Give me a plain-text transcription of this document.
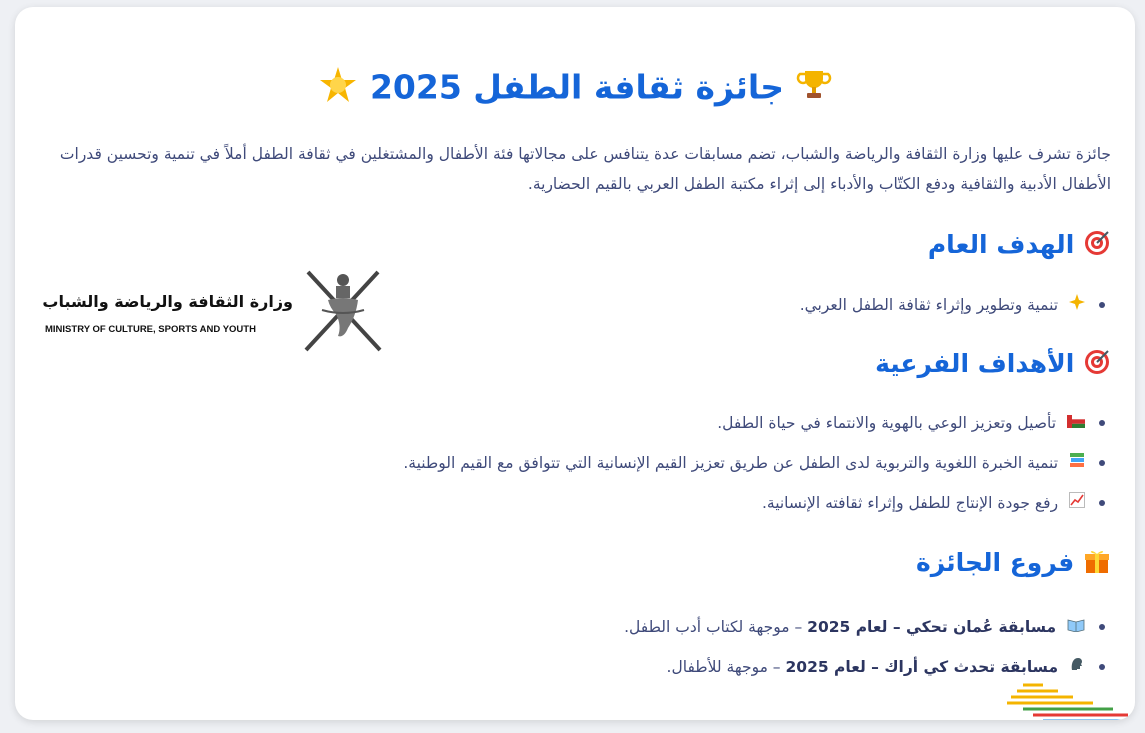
جائزة ثقافة الطفل 2025
جائزة تشرف عليها وزارة الثقافة والرياضة والشباب، تضم مسابقات عدة يتنافس على مجالاتها فئة الأطفال والمشتغلين في ثقافة الطفل أملاً في تنمية وتحسين قدرات الأطفال الأدبية والثقافية ودفع الكتّاب والأدباء إلى إثراء مكتبة الطفل العربي بالقيم الحضارية.
الهدف العام
تنمية وتطوير وإثراء ثقافة الطفل العربي.
الأهداف الفرعية
تأصيل وتعزيز الوعي بالهوية والانتماء في حياة الطفل.
تنمية الخبرة اللغوية والتربوية لدى الطفل عن طريق تعزيز القيم الإنسانية التي تتوافق مع القيم الوطنية.
رفع جودة الإنتاج للطفل وإثراء ثقافته الإنسانية.
فروع الجائزة
مسابقة عُمان تحكي – لعام 2025 – موجهة لكتاب أدب الطفل.
مسابقة تحدث كي أراك – لعام 2025 – موجهة للأطفال.
وزارة الثقافة والرياضة والشباب
MINISTRY OF CULTURE, SPORTS AND YOUTH
